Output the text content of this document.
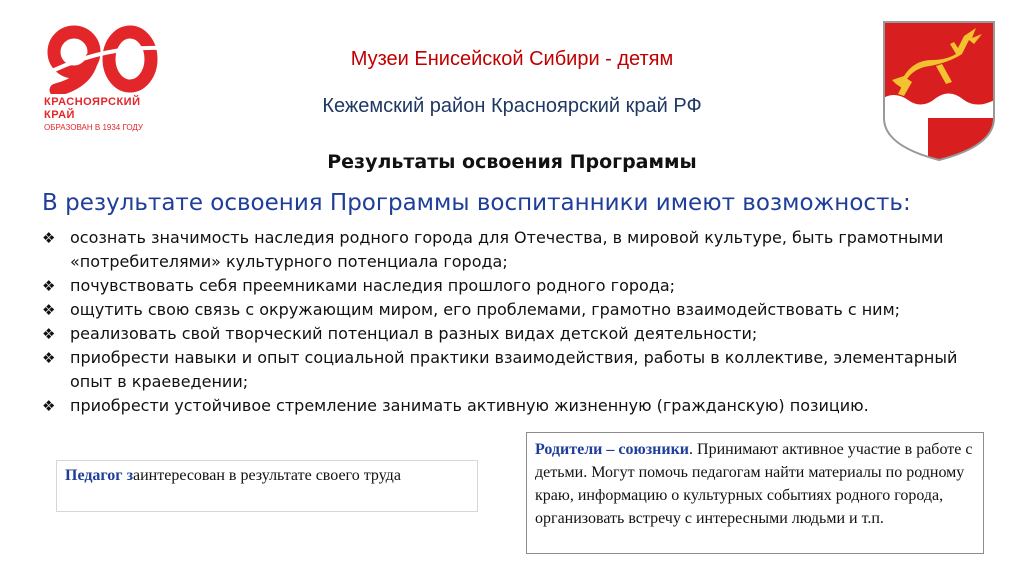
КРАСНОЯРСКИЙ
КРАЙ
ОБРАЗОВАН В 1934 ГОДУ
Музеи Енисейской Сибири - детям
Кежемский район Красноярский край РФ
Результаты освоения Программы
В результате освоения Программы воспитанники имеют возможность:
❖ осознать значимость наследия родного города для Отечества, в мировой культуре, быть грамотными «потребителями» культурного потенциала города;
❖ почувствовать себя преемниками наследия прошлого родного города;
❖ ощутить свою связь с окружающим миром, его проблемами, грамотно взаимодействовать с ним;
❖ реализовать свой творческий потенциал в разных видах детской деятельности;
❖ приобрести навыки и опыт социальной практики взаимодействия, работы в коллективе, элементарный опыт в краеведении;
❖ приобрести устойчивое стремление занимать активную жизненную (гражданскую) позицию.
Педагог заинтересован в результате своего труда
Родители – союзники. Принимают активное участие в работе с детьми. Могут помочь педагогам найти материалы по родному краю, информацию о культурных событиях родного города, организовать встречу с интересными людьми и т.п.
